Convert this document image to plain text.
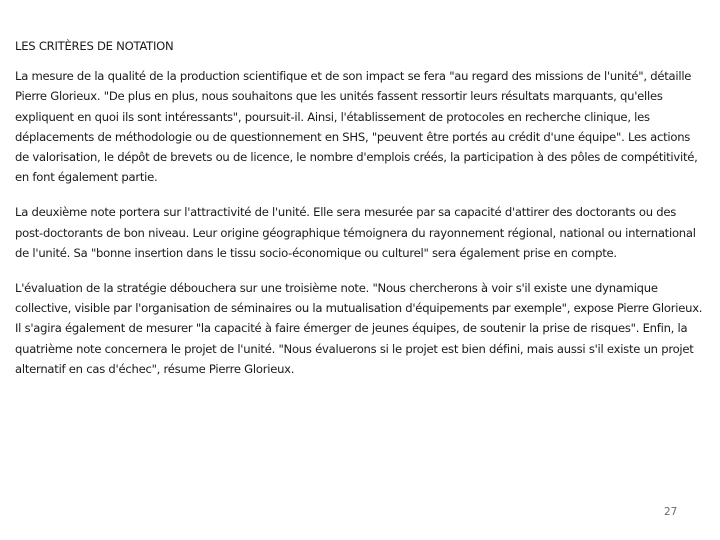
LES CRITÈRES DE NOTATION

La mesure de la qualité de la production scientifique et de son impact se fera "au regard des missions de l'unité", détaille Pierre Glorieux. "De plus en plus, nous souhaitons que les unités fassent ressortir leurs résultats marquants, qu'elles expliquent en quoi ils sont intéressants", poursuit-il. Ainsi, l'établissement de protocoles en recherche clinique, les déplacements de méthodologie ou de questionnement en SHS, "peuvent être portés au crédit d'une équipe". Les actions de valorisation, le dépôt de brevets ou de licence, le nombre d'emplois créés, la participation à des pôles de compétitivité, en font également partie.

La deuxième note portera sur l'attractivité de l'unité. Elle sera mesurée par sa capacité d'attirer des doctorants ou des post-doctorants de bon niveau. Leur origine géographique témoignera du rayonnement régional, national ou international de l'unité. Sa "bonne insertion dans le tissu socio-économique ou culturel" sera également prise en compte.

L'évaluation de la stratégie débouchera sur une troisième note. "Nous chercherons à voir s'il existe une dynamique collective, visible par l'organisation de séminaires ou la mutualisation d'équipements par exemple", expose Pierre Glorieux. Il s'agira également de mesurer "la capacité à faire émerger de jeunes équipes, de soutenir la prise de risques". Enfin, la quatrième note concernera le projet de l'unité. "Nous évaluerons si le projet est bien défini, mais aussi s'il existe un projet alternatif en cas d'échec", résume Pierre Glorieux.

27
